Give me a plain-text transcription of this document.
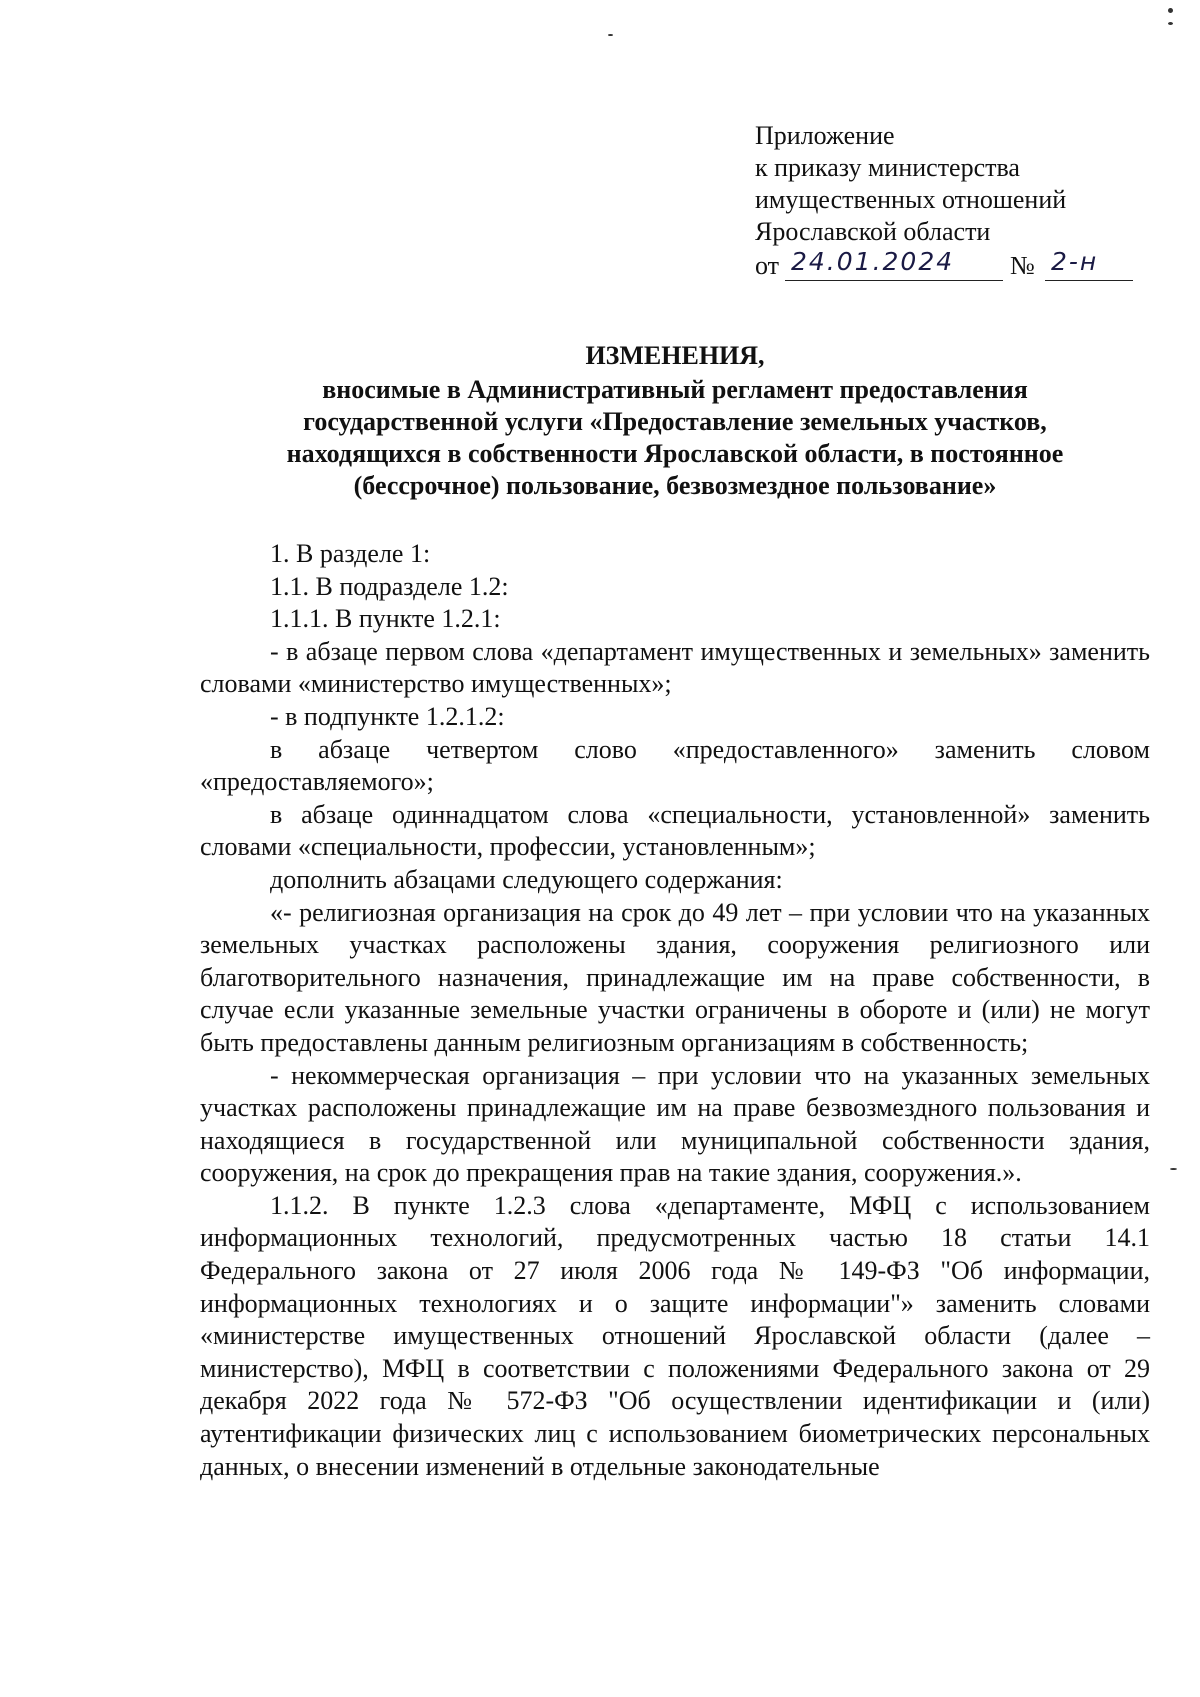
Приложение
к приказу министерства
имущественных отношений
Ярославской области
от 24.01.2024	№ 2-н
ИЗМЕНЕНИЯ,
вносимые в Административный регламент предоставления
государственной услуги «Предоставление земельных участков,
находящихся в собственности Ярославской области, в постоянное
(бессрочное) пользование, безвозмездное пользование»

1. В разделе 1:

1.1. В подразделе 1.2:

1.1.1. В пункте 1.2.1:

- в абзаце первом слова «департамент имущественных и земельных» заменить словами «министерство имущественных»;

- в подпункте 1.2.1.2:

в абзаце четвертом слово «предоставленного» заменить словом «предоставляемого»;

в абзаце одиннадцатом слова «специальности, установленной» заменить словами «специальности, профессии, установленным»;

дополнить абзацами следующего содержания:

«- религиозная организация на срок до 49 лет – при условии что на указанных земельных участках расположены здания, сооружения религиозного или благотворительного назначения, принадлежащие им на праве собственности, в случае если указанные земельные участки ограничены в обороте и (или) не могут быть предоставлены данным религиозным организациям в собственность;

- некоммерческая организация – при условии что на указанных земельных участках расположены принадлежащие им на праве безвозмездного пользования и находящиеся в государственной или муниципальной собственности здания, сооружения, на срок до прекращения прав на такие здания, сооружения.».

1.1.2. В пункте 1.2.3 слова «департаменте, МФЦ с использованием информационных технологий, предусмотренных частью 18 статьи 14.1 Федерального закона от 27 июля 2006 года № 149-ФЗ "Об информации, информационных технологиях и о защите информации"» заменить словами «министерстве имущественных отношений Ярославской области (далее – министерство), МФЦ в соответствии с положениями Федерального закона от 29 декабря 2022 года № 572-ФЗ "Об осуществлении идентификации и (или) аутентификации физических лиц с использованием биометрических персональных данных, о внесении изменений в отдельные законодательные
